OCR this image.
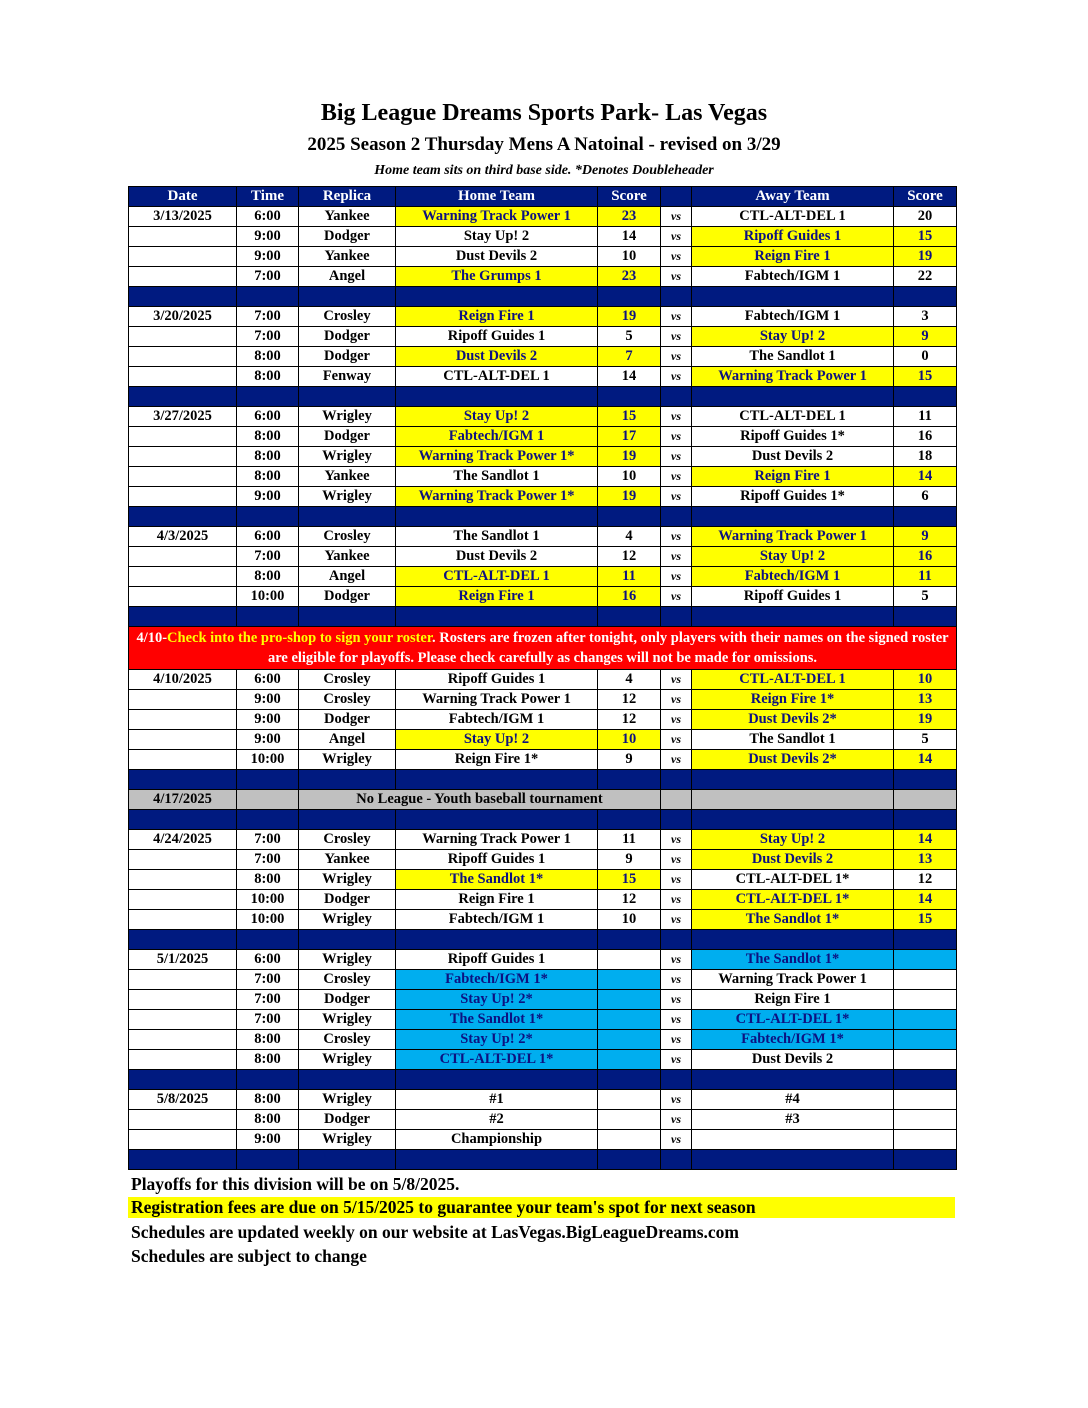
Big League Dreams Sports Park- Las Vegas
2025 Season 2 Thursday Mens A Natoinal - revised on 3/29
Home team sits on third base side. *Denotes Doubleheader
Date	Time	Replica	Home Team	Score		Away Team	Score
3/13/2025	6:00	Yankee	Warning Track Power 1	23	vs	CTL-ALT-DEL 1	20
	9:00	Dodger	Stay Up! 2	14	vs	Ripoff Guides 1	15
	9:00	Yankee	Dust Devils 2	10	vs	Reign Fire 1	19
	7:00	Angel	The Grumps 1	23	vs	Fabtech/IGM 1	22

3/20/2025	7:00	Crosley	Reign Fire 1	19	vs	Fabtech/IGM 1	3
	7:00	Dodger	Ripoff Guides 1	5	vs	Stay Up! 2	9
	8:00	Dodger	Dust Devils 2	7	vs	The Sandlot 1	0
	8:00	Fenway	CTL-ALT-DEL 1	14	vs	Warning Track Power 1	15

3/27/2025	6:00	Wrigley	Stay Up! 2	15	vs	CTL-ALT-DEL 1	11
	8:00	Dodger	Fabtech/IGM 1	17	vs	Ripoff Guides 1*	16
	8:00	Wrigley	Warning Track Power 1*	19	vs	Dust Devils 2	18
	8:00	Yankee	The Sandlot 1	10	vs	Reign Fire 1	14
	9:00	Wrigley	Warning Track Power 1*	19	vs	Ripoff Guides 1*	6

4/3/2025	6:00	Crosley	The Sandlot 1	4	vs	Warning Track Power 1	9
	7:00	Yankee	Dust Devils 2	12	vs	Stay Up! 2	16
	8:00	Angel	CTL-ALT-DEL 1	11	vs	Fabtech/IGM 1	11
	10:00	Dodger	Reign Fire 1	16	vs	Ripoff Guides 1	5

4/10-Check into the pro-shop to sign your roster. Rosters are frozen after tonight, only players with their names on the signed roster are eligible for playoffs. Please check carefully as changes will not be made for omissions.							
4/10/2025	6:00	Crosley	Ripoff Guides 1	4	vs	CTL-ALT-DEL 1	10
	9:00	Crosley	Warning Track Power 1	12	vs	Reign Fire 1*	13
	9:00	Dodger	Fabtech/IGM 1	12	vs	Dust Devils 2*	19
	9:00	Angel	Stay Up! 2	10	vs	The Sandlot 1	5
	10:00	Wrigley	Reign Fire 1*	9	vs	Dust Devils 2*	14

4/17/2025		No League - Youth baseball tournament					

4/24/2025	7:00	Crosley	Warning Track Power 1	11	vs	Stay Up! 2	14
	7:00	Yankee	Ripoff Guides 1	9	vs	Dust Devils 2	13
	8:00	Wrigley	The Sandlot 1*	15	vs	CTL-ALT-DEL 1*	12
	10:00	Dodger	Reign Fire 1	12	vs	CTL-ALT-DEL 1*	14
	10:00	Wrigley	Fabtech/IGM 1	10	vs	The Sandlot 1*	15

5/1/2025	6:00	Wrigley	Ripoff Guides 1		vs	The Sandlot 1*	
	7:00	Crosley	Fabtech/IGM 1*		vs	Warning Track Power 1	
	7:00	Dodger	Stay Up! 2*		vs	Reign Fire 1	
	7:00	Wrigley	The Sandlot 1*		vs	CTL-ALT-DEL 1*	
	8:00	Crosley	Stay Up! 2*		vs	Fabtech/IGM 1*	
	8:00	Wrigley	CTL-ALT-DEL 1*		vs	Dust Devils 2	

5/8/2025	8:00	Wrigley	#1		vs	#4	
	8:00	Dodger	#2		vs	#3	
	9:00	Wrigley	Championship		vs		

Playoffs for this division will be on 5/8/2025.
Registration fees are due on 5/15/2025 to guarantee your team's spot for next season
Schedules are updated weekly on our website at LasVegas.BigLeagueDreams.com
Schedules are subject to change
